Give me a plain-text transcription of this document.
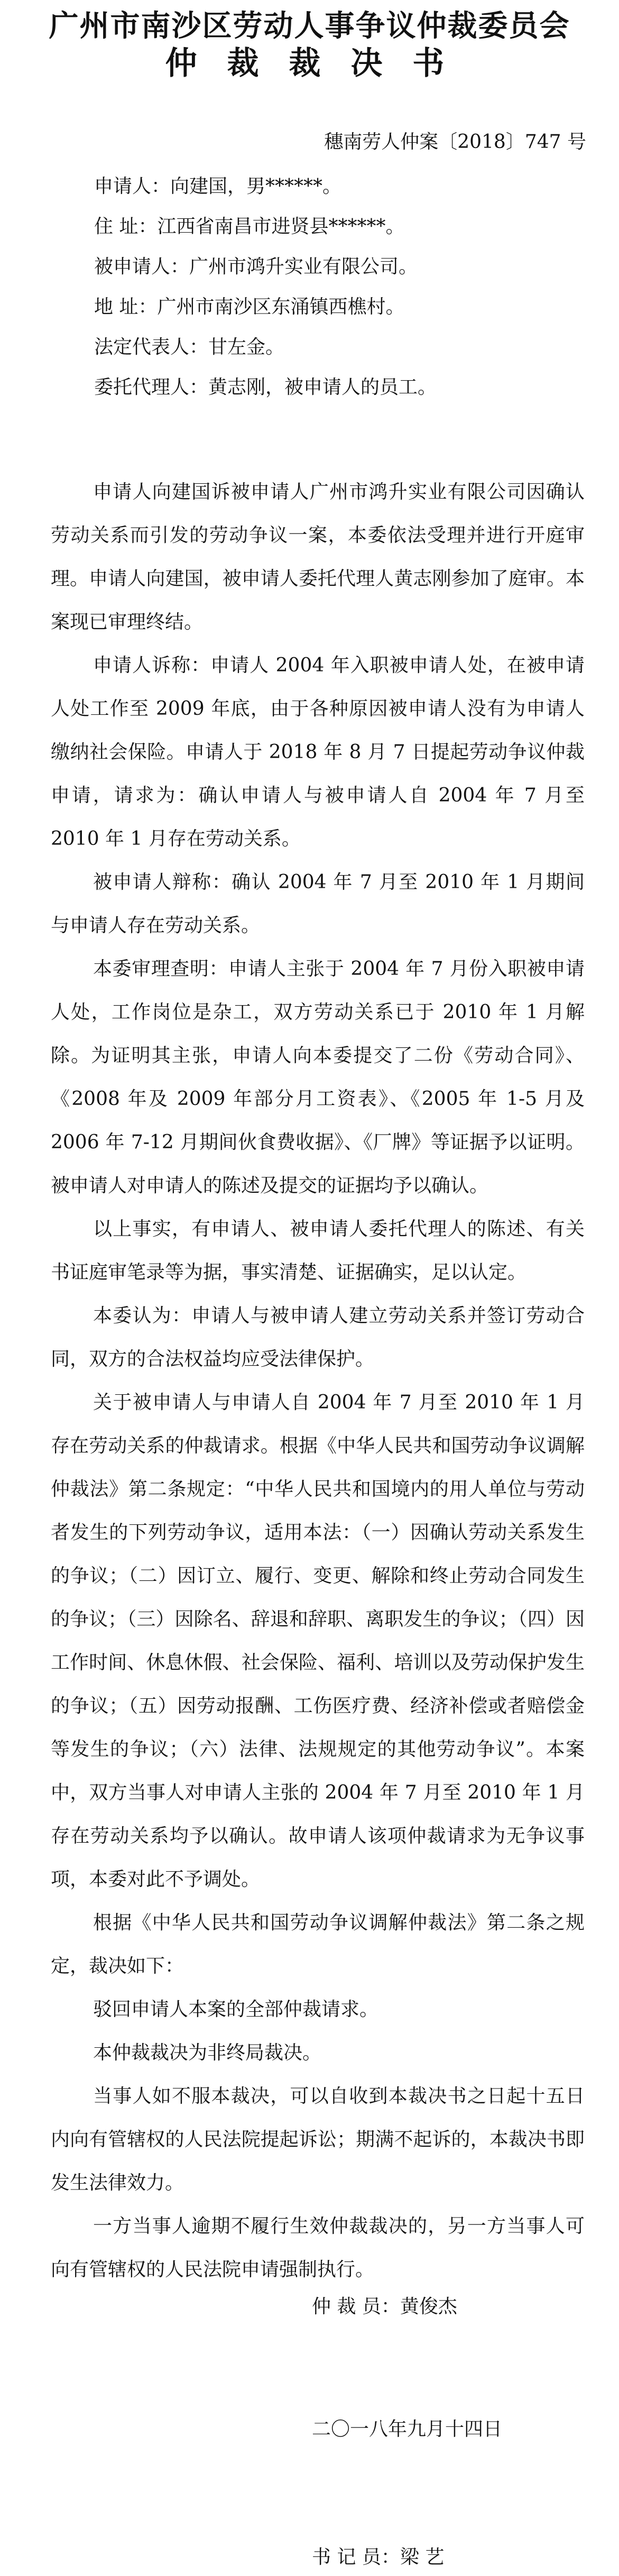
广州市南沙区劳动人事争议仲裁委员会
仲 裁 裁 决 书
穗南劳人仲案〔2018〕747 号
申请人：向建国，男******。
住 址：江西省南昌市进贤县******。
被申请人：广州市鸿升实业有限公司。
地 址：广州市南沙区东涌镇西樵村。
法定代表人：甘左金。
委托代理人：黄志刚，被申请人的员工。

申请人向建国诉被申请人广州市鸿升实业有限公司因确认劳动关系而引发的劳动争议一案，本委依法受理并进行开庭审理。申请人向建国，被申请人委托代理人黄志刚参加了庭审。本案现已审理终结。

申请人诉称：申请人 2004 年入职被申请人处，在被申请人处工作至 2009 年底，由于各种原因被申请人没有为申请人缴纳社会保险。申请人于 2018 年 8 月 7 日提起劳动争议仲裁申请，请求为：确认申请人与被申请人自 2004 年 7 月至 2010 年 1 月存在劳动关系。

被申请人辩称：确认 2004 年 7 月至 2010 年 1 月期间与申请人存在劳动关系。

本委审理查明：申请人主张于 2004 年 7 月份入职被申请人处，工作岗位是杂工，双方劳动关系已于 2010 年 1 月解除。为证明其主张，申请人向本委提交了二份《劳动合同》、《2008 年及 2009 年部分月工资表》、《2005 年 1-5 月及 2006 年 7-12 月期间伙食费收据》、《厂牌》等证据予以证明。被申请人对申请人的陈述及提交的证据均予以确认。

以上事实，有申请人、被申请人委托代理人的陈述、有关书证庭审笔录等为据，事实清楚、证据确实，足以认定。

本委认为：申请人与被申请人建立劳动关系并签订劳动合同，双方的合法权益均应受法律保护。

关于被申请人与申请人自 2004 年 7 月至 2010 年 1 月存在劳动关系的仲裁请求。根据《中华人民共和国劳动争议调解仲裁法》第二条规定：“中华人民共和国境内的用人单位与劳动者发生的下列劳动争议，适用本法：（一）因确认劳动关系发生的争议；（二）因订立、履行、变更、解除和终止劳动合同发生的争议；（三）因除名、辞退和辞职、离职发生的争议；（四）因工作时间、休息休假、社会保险、福利、培训以及劳动保护发生的争议；（五）因劳动报酬、工伤医疗费、经济补偿或者赔偿金等发生的争议；（六）法律、法规规定的其他劳动争议”。本案中，双方当事人对申请人主张的 2004 年 7 月至 2010 年 1 月存在劳动关系均予以确认。故申请人该项仲裁请求为无争议事项，本委对此不予调处。

根据《中华人民共和国劳动争议调解仲裁法》第二条之规定，裁决如下：

驳回申请人本案的全部仲裁请求。

本仲裁裁决为非终局裁决。

当事人如不服本裁决，可以自收到本裁决书之日起十五日内向有管辖权的人民法院提起诉讼；期满不起诉的，本裁决书即发生法律效力。

一方当事人逾期不履行生效仲裁裁决的，另一方当事人可向有管辖权的人民法院申请强制执行。

仲 裁 员：黄俊杰
二〇一八年九月十四日
书 记 员：梁 艺
